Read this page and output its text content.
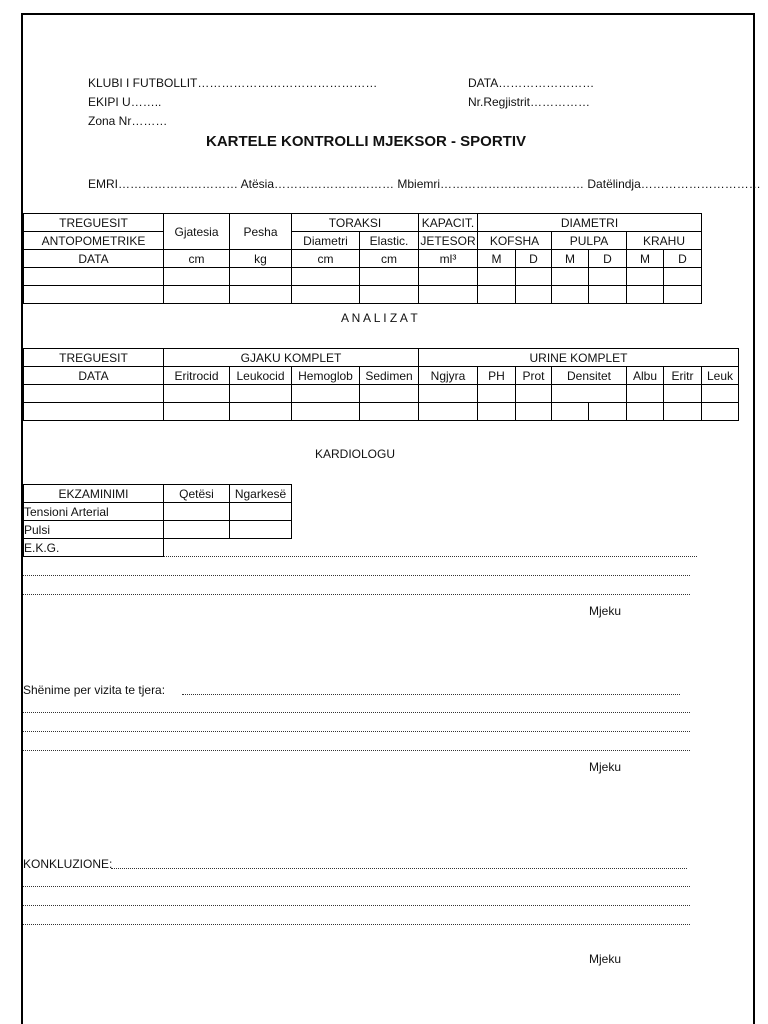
KLUBI I FUTBOLLIT………………………………………
EKIPI U……..
Zona Nr………
DATA……………………
Nr.Regjistrit……………
KARTELE KONTROLLI MJEKSOR - SPORTIV
EMRI………………………… Atësia………………………… Mbiemri……………………………… Datëlindja…………………………
TREGUESIT	Gjatesia	Pesha	TORAKSI		KAPACIT.	DIAMETRI					
ANTOPOMETRIKE			Diametri	Elastic.	JETESOR	KOFSHA		PULPA		KRAHU	
DATA	cm	kg	cm	cm	ml³	M	D	M	D	M	D

A N A L I Z A T
TREGUESIT	GJAKU KOMPLET				URINE KOMPLET							
DATA	Eritrocid	Leukocid	Hemoglob	Sedimen	Ngjyra	PH	Prot	Densitet		Albu	Eritr	Leuk

KARDIOLOGU
EKZAMINIMI	Qetësi	Ngarkesë
Tensioni Arterial		
Pulsi		
E.K.G.		
Mjeku
Shënime per vizita te tjera:
Mjeku
KONKLUZIONE:
Mjeku
